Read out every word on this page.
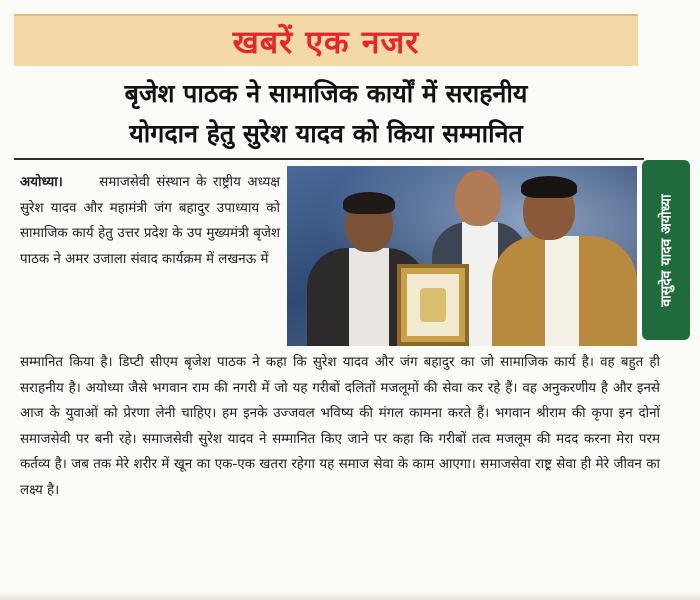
खबरें एक नजर
बृजेश पाठक ने सामाजिक कार्यों में सराहनीय
योगदान हेतु सुरेश यादव को किया सम्मानित
अयोध्या।	समाजसेवी संस्थान के राष्ट्रीय अध्यक्ष सुरेश यादव और महामंत्री जंग बहादुर उपाध्याय को सामाजिक कार्य हेतु उत्तर प्रदेश के उप मुख्यमंत्री बृजेश पाठक ने अमर उजाला संवाद कार्यक्रम में लखनऊ में	वासुदेव यादव अयोध्या
सम्मानित किया है। डिप्टी सीएम बृजेश पाठक ने कहा कि सुरेश यादव और जंग बहादुर का जो सामाजिक कार्य है। वह बहुत ही सराहनीय है। अयोध्या जैसे भगवान राम की नगरी में जो यह गरीबों दलितों मजलूमों की सेवा कर रहे हैं। वह अनुकरणीय है और इनसे आज के युवाओं को प्रेरणा लेनी चाहिए। हम इनके उज्जवल भविष्य की मंगल कामना करते हैं। भगवान श्रीराम की कृपा इन दोनों समाजसेवी पर बनी रहे। समाजसेवी सुरेश यादव ने सम्मानित किए जाने पर कहा कि गरीबों तत्व मजलूम की मदद करना मेरा परम कर्तव्य है। जब तक मेरे शरीर में खून का एक-एक खतरा रहेगा यह समाज सेवा के काम आएगा। समाजसेवा राष्ट्र सेवा ही मेरे जीवन का लक्ष्य है।
